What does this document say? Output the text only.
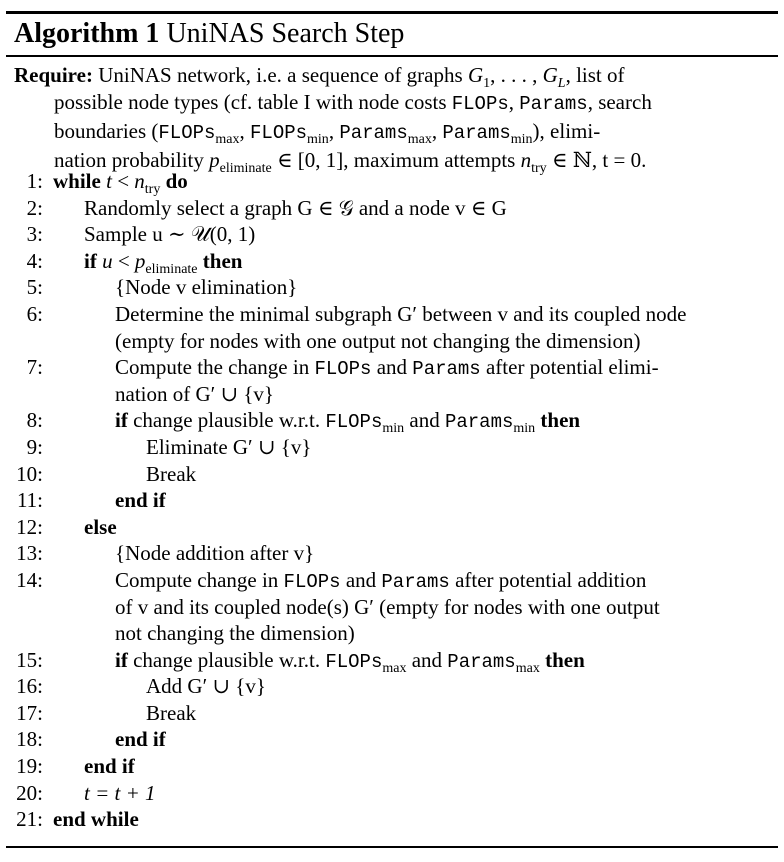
Algorithm 1 UniNAS Search Step
Require: UniNAS network, i.e. a sequence of graphs $G_1$, . . . , $G_L$, list of
possible node types (cf. table I with node costs FLOPs, Params, search
boundaries (FLOPs$_{max}$, FLOPs$_{min}$, Params$_{max}$, Params$_{min}$), elimi-
nation probability $p_{eliminate}$ ∈ [0, 1], maximum attempts $n_{try}$ ∈ ℕ, t = 0.
1: while $t < n_{try}$ do
2: Randomly select a graph G ∈ 𝒢 and a node v ∈ G
3: Sample u ∼ 𝒰(0, 1)
4: if $u < p_{eliminate}$ then
5:	{Node v elimination}
6:	Determine the minimal subgraph G′ between v and its coupled node
(empty for nodes with one output not changing the dimension)
7:	Compute the change in FLOPs and Params after potential elimi-
nation of G′ ∪ {v}
8:	if change plausible w.r.t. FLOPs$_{min}$ and Params$_{min}$ then
9:	Eliminate G′ ∪ {v}
10:	Break
11:	end if
12: else
13:	{Node addition after v}
14:	Compute change in FLOPs and Params after potential addition
of v and its coupled node(s) G′ (empty for nodes with one output
not changing the dimension)
15:	if change plausible w.r.t. FLOPs$_{max}$ and Params$_{max}$ then
16:	Add G′ ∪ {v}
17:	Break
18:	end if
19: end if
20: t = t + 1
21: end while
